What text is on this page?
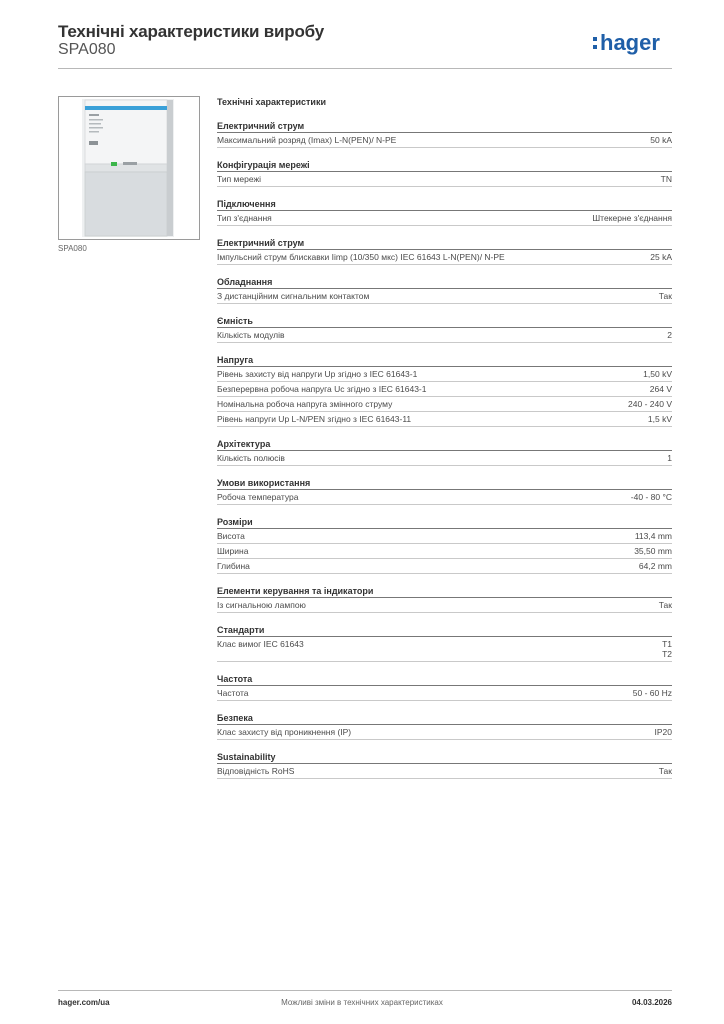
Технічні характеристики виробу
SPA080	hager
SPA080
Технічні характеристики
Електричний струм
Максимальний розряд (Imax) L-N(PEN)/ N-PE	50 kA
Конфігурація мережі
Тип мережі	TN
Підключення
Тип з'єднання	Штекерне з'єднання
Електричний струм
Імпульсний струм блискавки Iimp (10/350 мкс) IEC 61643 L-N(PEN)/ N-PE	25 kA
Обладнання
З дистанційним сигнальним контактом	Так
Ємність
Кількість модулів	2
Напруга
Рівень захисту від напруги Up згідно з IEC 61643-1	1,50 kV
Безперервна робоча напруга Uc згідно з IEC 61643-1	264 V
Номінальна робоча напруга змінного струму	240 - 240 V
Рівень напруги Up L-N/PEN згідно з IEC 61643-11	1,5 kV
Архітектура
Кількість полюсів	1
Умови використання
Робоча температура	-40 - 80 °C
Розміри
Висота	113,4 mm
Ширина	35,50 mm
Глибина	64,2 mm
Елементи керування та індикатори
Із сигнальною лампою	Так
Стандарти
Клас вимог IEC 61643	T1
T2
Частота
Частота	50 - 60 Hz
Безпека
Клас захисту від проникнення (IP)	IP20
Sustainability
Відповідність RoHS	Так
hager.com/ua	Можливі зміни в технічних характеристиках	04.03.2026
